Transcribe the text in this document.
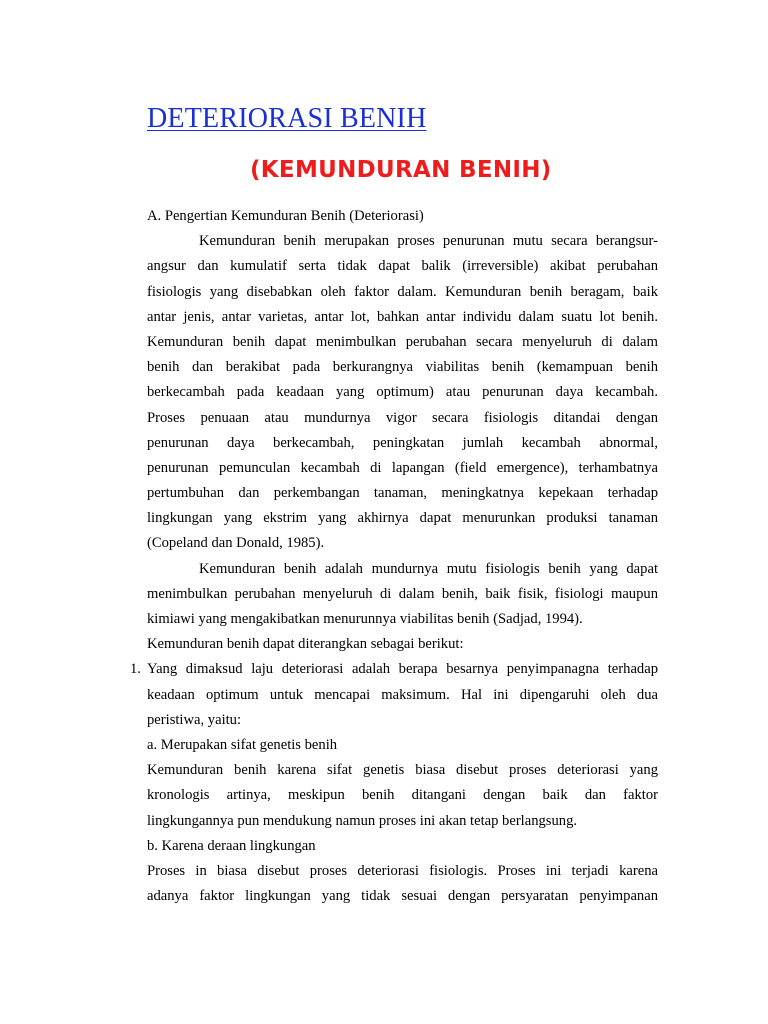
DETERIORASI BENIH
(KEMUNDURAN BENIH)
A. Pengertian Kemunduran Benih (Deteriorasi)
Kemunduran benih merupakan proses penurunan mutu secara berangsur-
angsur dan kumulatif serta tidak dapat balik (irreversible) akibat perubahan
fisiologis yang disebabkan oleh faktor dalam. Kemunduran benih beragam, baik
antar jenis, antar varietas, antar lot, bahkan antar individu dalam suatu lot benih.
Kemunduran benih dapat menimbulkan perubahan secara menyeluruh di dalam
benih dan berakibat pada berkurangnya viabilitas benih (kemampuan benih
berkecambah pada keadaan yang optimum) atau penurunan daya kecambah.
Proses penuaan atau mundurnya vigor secara fisiologis ditandai dengan
penurunan daya berkecambah, peningkatan jumlah kecambah abnormal,
penurunan pemunculan kecambah di lapangan (field emergence), terhambatnya
pertumbuhan dan perkembangan tanaman, meningkatnya kepekaan terhadap
lingkungan yang ekstrim yang akhirnya dapat menurunkan produksi tanaman
(Copeland dan Donald, 1985).
Kemunduran benih adalah mundurnya mutu fisiologis benih yang dapat
menimbulkan perubahan menyeluruh di dalam benih, baik fisik, fisiologi maupun
kimiawi yang mengakibatkan menurunnya viabilitas benih (Sadjad, 1994).
Kemunduran benih dapat diterangkan sebagai berikut:
1. Yang dimaksud laju deteriorasi adalah berapa besarnya penyimpanagna terhadap
keadaan optimum untuk mencapai maksimum. Hal ini dipengaruhi oleh dua
peristiwa, yaitu:
a. Merupakan sifat genetis benih
Kemunduran benih karena sifat genetis biasa disebut proses deteriorasi yang
kronologis artinya, meskipun benih ditangani dengan baik dan faktor
lingkungannya pun mendukung namun proses ini akan tetap berlangsung.
b. Karena deraan lingkungan
Proses in biasa disebut proses deteriorasi fisiologis. Proses ini terjadi karena
adanya faktor lingkungan yang tidak sesuai dengan persyaratan penyimpanan
